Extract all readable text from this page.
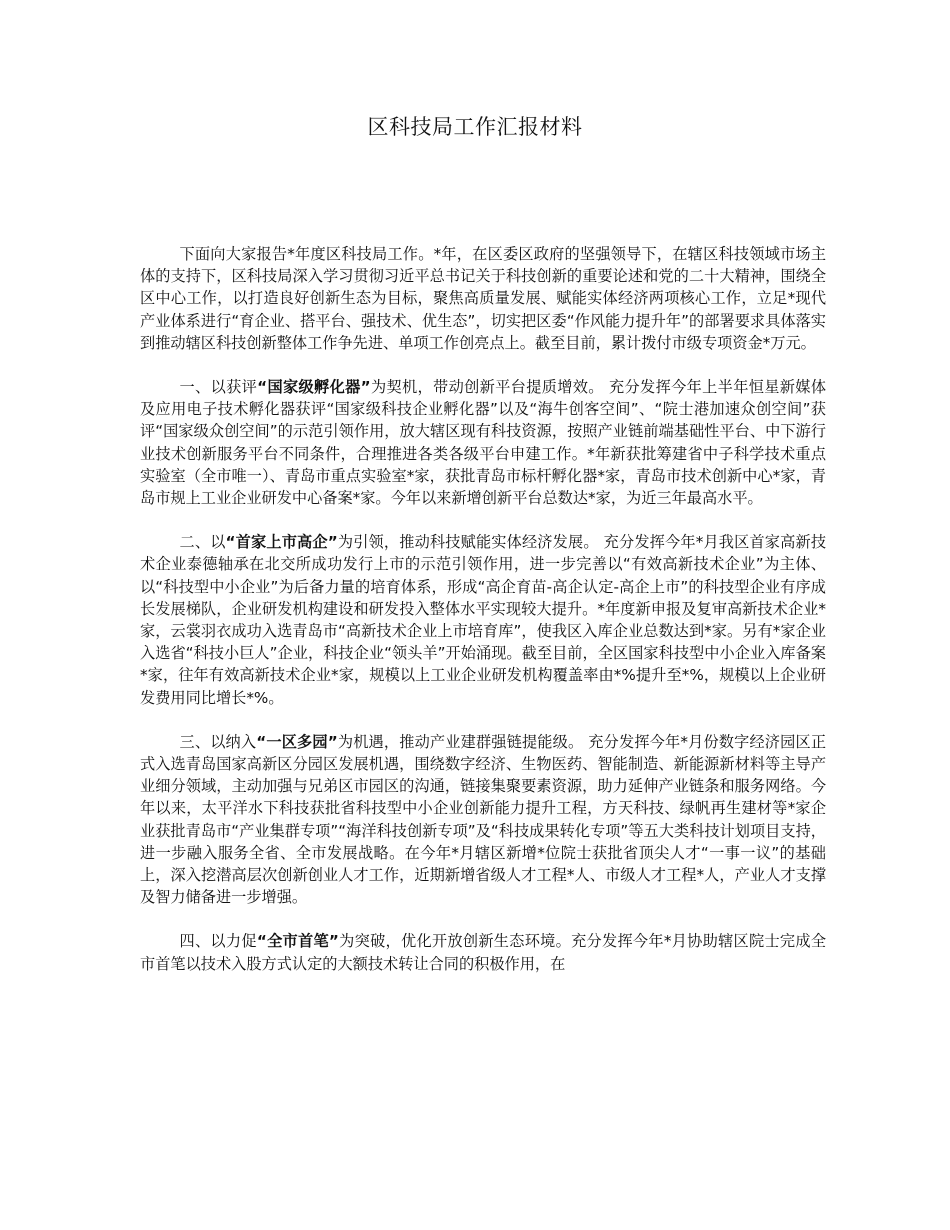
区科技局工作汇报材料

下面向大家报告*年度区科技局工作。*年，在区委区政府的坚强领导下，在辖区科技领域市场主体的支持下，区科技局深入学习贯彻习近平总书记关于科技创新的重要论述和党的二十大精神，围绕全区中心工作，以打造良好创新生态为目标，聚焦高质量发展、赋能实体经济两项核心工作，立足*现代产业体系进行“育企业、搭平台、强技术、优生态”，切实把区委“作风能力提升年”的部署要求具体落实到推动辖区科技创新整体工作争先进、单项工作创亮点上。截至目前，累计拨付市级专项资金*万元。

一、以获评“国家级孵化器”为契机，带动创新平台提质增效。 充分发挥今年上半年恒星新媒体及应用电子技术孵化器获评“国家级科技企业孵化器”以及“海牛创客空间”、“院士港加速众创空间”获评“国家级众创空间”的示范引领作用，放大辖区现有科技资源，按照产业链前端基础性平台、中下游行业技术创新服务平台不同条件，合理推进各类各级平台申建工作。*年新获批筹建省中子科学技术重点实验室（全市唯一）、青岛市重点实验室*家，获批青岛市标杆孵化器*家，青岛市技术创新中心*家，青岛市规上工业企业研发中心备案*家。今年以来新增创新平台总数达*家，为近三年最高水平。

二、以“首家上市高企”为引领，推动科技赋能实体经济发展。 充分发挥今年*月我区首家高新技术企业泰德轴承在北交所成功发行上市的示范引领作用，进一步完善以“有效高新技术企业”为主体、以“科技型中小企业”为后备力量的培育体系，形成“高企育苗-高企认定-高企上市”的科技型企业有序成长发展梯队，企业研发机构建设和研发投入整体水平实现较大提升。*年度新申报及复审高新技术企业*家，云裳羽衣成功入选青岛市“高新技术企业上市培育库”，使我区入库企业总数达到*家。另有*家企业入选省“科技小巨人”企业，科技企业“领头羊”开始涌现。截至目前，全区国家科技型中小企业入库备案*家，往年有效高新技术企业*家，规模以上工业企业研发机构覆盖率由*%提升至*%，规模以上企业研发费用同比增长*%。

三、以纳入“一区多园”为机遇，推动产业建群强链提能级。 充分发挥今年*月份数字经济园区正式入选青岛国家高新区分园区发展机遇，围绕数字经济、生物医药、智能制造、新能源新材料等主导产业细分领域，主动加强与兄弟区市园区的沟通，链接集聚要素资源，助力延伸产业链条和服务网络。今年以来，太平洋水下科技获批省科技型中小企业创新能力提升工程，方天科技、绿帆再生建材等*家企业获批青岛市“产业集群专项”“海洋科技创新专项”及“科技成果转化专项”等五大类科技计划项目支持，进一步融入服务全省、全市发展战略。在今年*月辖区新增*位院士获批省顶尖人才“一事一议”的基础上，深入挖潜高层次创新创业人才工作，近期新增省级人才工程*人、市级人才工程*人，产业人才支撑及智力储备进一步增强。

四、以力促“全市首笔”为突破，优化开放创新生态环境。充分发挥今年*月协助辖区院士完成全市首笔以技术入股方式认定的大额技术转让合同的积极作用，在
